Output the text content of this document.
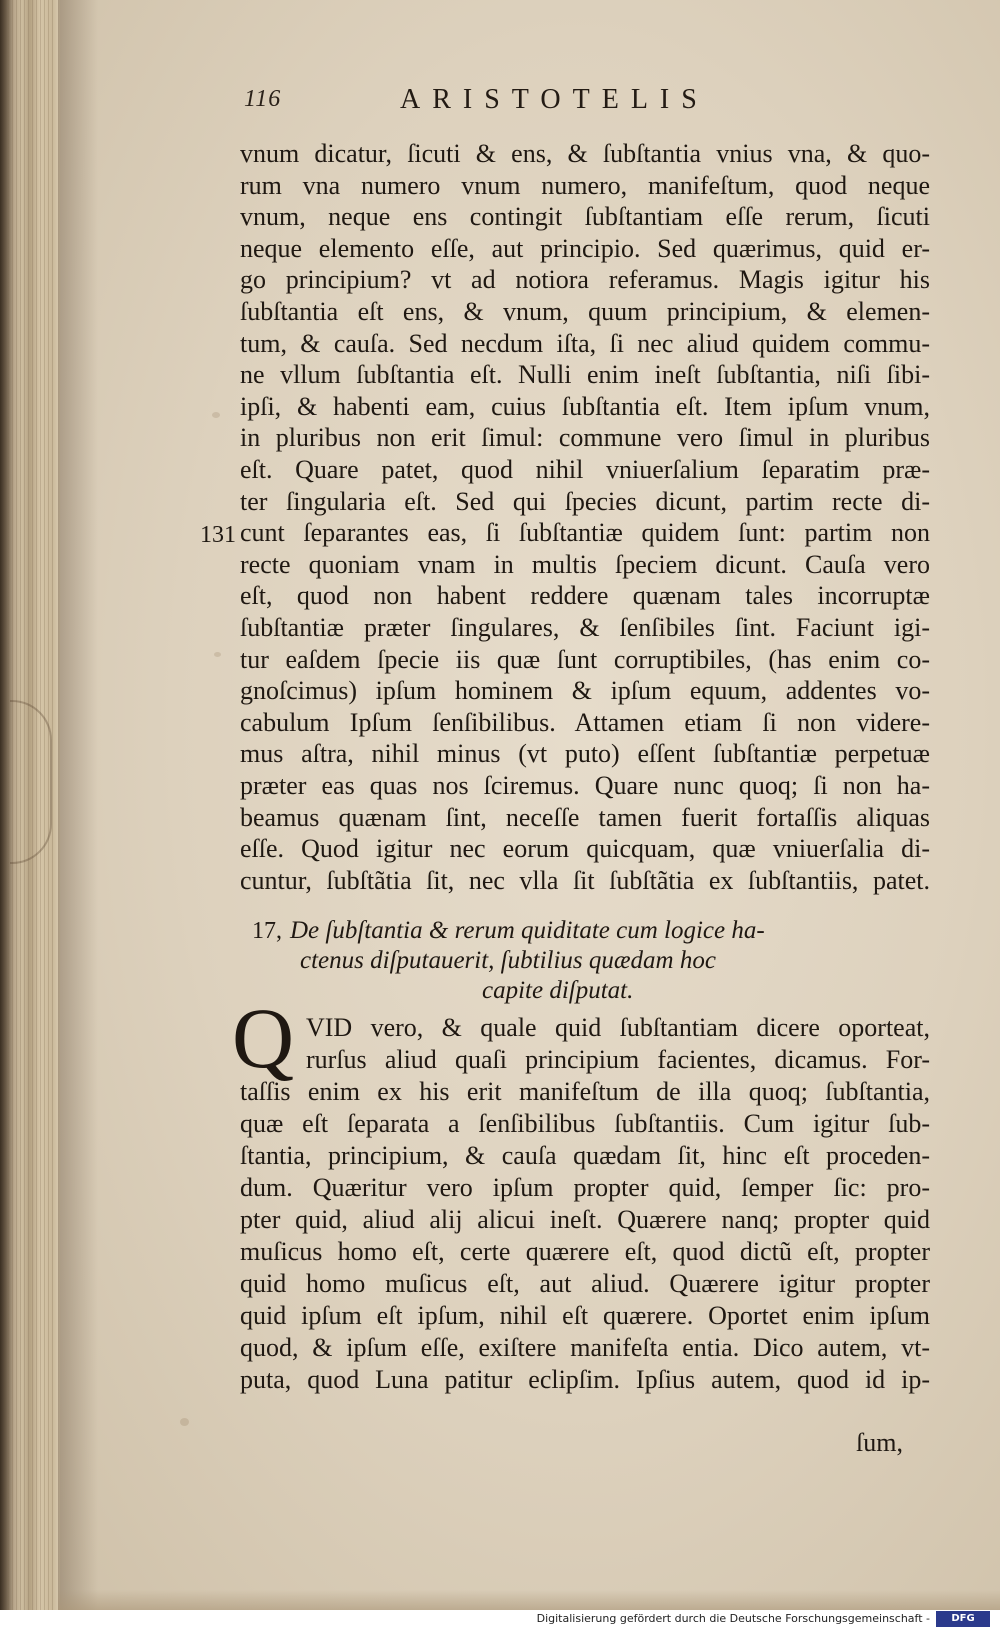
116	ARISTOTELIS

vnum dicatur, ſicuti & ens, & ſubſtantia vnius vna, & quo-

rum vna numero vnum numero, manifeſtum, quod neque

vnum, neque ens contingit ſubſtantiam eſſe rerum, ſicuti

neque elemento eſſe, aut principio. Sed quærimus, quid er-

go principium? vt ad notiora referamus. Magis igitur his

ſubſtantia eſt ens, & vnum, quum principium, & elemen-

tum, & cauſa. Sed necdum iſta, ſi nec aliud quidem commu-

ne vllum ſubſtantia eſt. Nulli enim ineſt ſubſtantia, niſi ſibi-

ipſi, & habenti eam, cuius ſubſtantia eſt. Item ipſum vnum,

in pluribus non erit ſimul: commune vero ſimul in pluribus

eſt. Quare patet, quod nihil vniuerſalium ſeparatim præ-

ter ſingularia eſt. Sed qui ſpecies dicunt, partim recte di-

cunt ſeparantes eas, ſi ſubſtantiæ quidem ſunt: partim non

recte quoniam vnam in multis ſpeciem dicunt. Cauſa vero

eſt, quod non habent reddere quænam tales incorruptæ

ſubſtantiæ præter ſingulares, & ſenſibiles ſint. Faciunt igi-

tur eaſdem ſpecie iis quæ ſunt corruptibiles, (has enim co-

gnoſcimus) ipſum hominem & ipſum equum, addentes vo-

cabulum Ipſum ſenſibilibus. Attamen etiam ſi non videre-

mus aſtra, nihil minus (vt puto) eſſent ſubſtantiæ perpetuæ

præter eas quas nos ſciremus. Quare nunc quoq; ſi non ha-

beamus quænam ſint, neceſſe tamen fuerit fortaſſis aliquas

eſſe. Quod igitur nec eorum quicquam, quæ vniuerſalia di-

cuntur, ſubſtãtia ſit, nec vlla ſit ſubſtãtia ex ſubſtantiis, patet.

131
17, De ſubſtantia & rerum quiditate cum logice ha-
ctenus diſputauerit, ſubtilius quædam hoc
capite diſputat.
Q VID vero, & quale quid ſubſtantiam dicere oporteat,

rurſus aliud quaſi principium facientes, dicamus. For-

taſſis enim ex his erit manifeſtum de illa quoq; ſubſtantia,

quæ eſt ſeparata a ſenſibilibus ſubſtantiis. Cum igitur ſub-

ſtantia, principium, & cauſa quædam ſit, hinc eſt proceden-

dum. Quæritur vero ipſum propter quid, ſemper ſic: pro-

pter quid, aliud alij alicui ineſt. Quærere nanq; propter quid

muſicus homo eſt, certe quærere eſt, quod dictũ eſt, propter

quid homo muſicus eſt, aut aliud. Quærere igitur propter

quid ipſum eſt ipſum, nihil eſt quærere. Oportet enim ipſum

quod, & ipſum eſſe, exiſtere manifeſta entia. Dico autem, vt-

puta, quod Luna patitur eclipſim. Ipſius autem, quod id ip-

ſum,
Digitalisierung gefördert durch die Deutsche Forschungsgemeinschaft -	DFG
